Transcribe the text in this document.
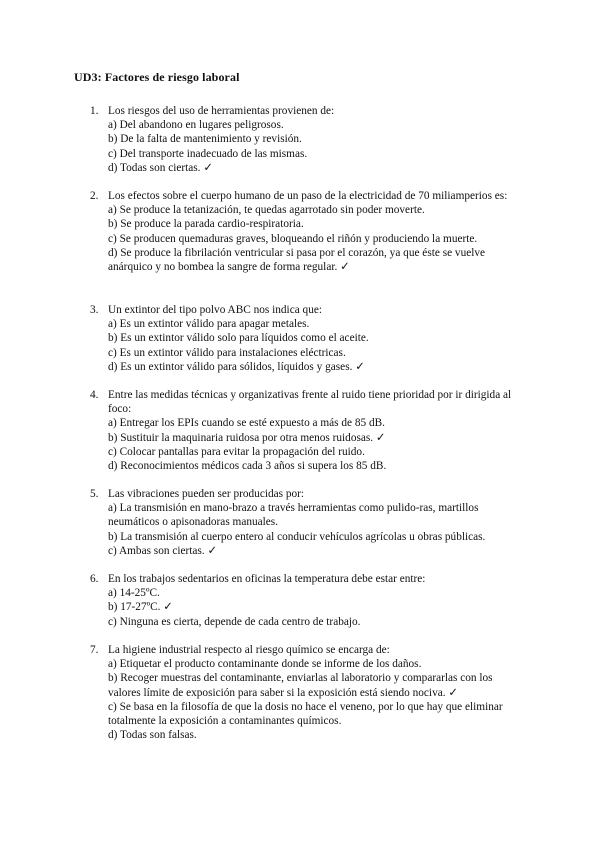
UD3: Factores de riesgo laboral
1. Los riesgos del uso de herramientas provienen de:
a) Del abandono en lugares peligrosos.
b) De la falta de mantenimiento y revisión.
c) Del transporte inadecuado de las mismas.
d) Todas son ciertas. ✓
2. Los efectos sobre el cuerpo humano de un paso de la electricidad de 70 miliamperios es:
a) Se produce la tetanización, te quedas agarrotado sin poder moverte.
b) Se produce la parada cardio-respiratoria.
c) Se producen quemaduras graves, bloqueando el riñón y produciendo la muerte.
d) Se produce la fibrilación ventricular si pasa por el corazón, ya que éste se vuelve anárquico y no bombea la sangre de forma regular. ✓
3. Un extintor del tipo polvo ABC nos indica que:
a) Es un extintor válido para apagar metales.
b) Es un extintor válido solo para líquidos como el aceite.
c) Es un extintor válido para instalaciones eléctricas.
d) Es un extintor válido para sólidos, líquidos y gases. ✓
4. Entre las medidas técnicas y organizativas frente al ruido tiene prioridad por ir dirigida al foco:
a) Entregar los EPIs cuando se esté expuesto a más de 85 dB.
b) Sustituir la maquinaria ruidosa por otra menos ruidosas. ✓
c) Colocar pantallas para evitar la propagación del ruido.
d) Reconocimientos médicos cada 3 años si supera los 85 dB.
5. Las vibraciones pueden ser producidas por:
a) La transmisión en mano-brazo a través herramientas como pulido-ras, martillos neumáticos o apisonadoras manuales.
b) La transmisión al cuerpo entero al conducir vehículos agrícolas u obras públicas.
c) Ambas son ciertas. ✓
6. En los trabajos sedentarios en oficinas la temperatura debe estar entre:
a) 14-25ºC.
b) 17-27ºC. ✓
c) Ninguna es cierta, depende de cada centro de trabajo.
7. La higiene industrial respecto al riesgo químico se encarga de:
a) Etiquetar el producto contaminante donde se informe de los daños.
b) Recoger muestras del contaminante, enviarlas al laboratorio y compararlas con los valores límite de exposición para saber si la exposición está siendo nociva. ✓
c) Se basa en la filosofía de que la dosis no hace el veneno, por lo que hay que eliminar totalmente la exposición a contaminantes químicos.
d) Todas son falsas.
